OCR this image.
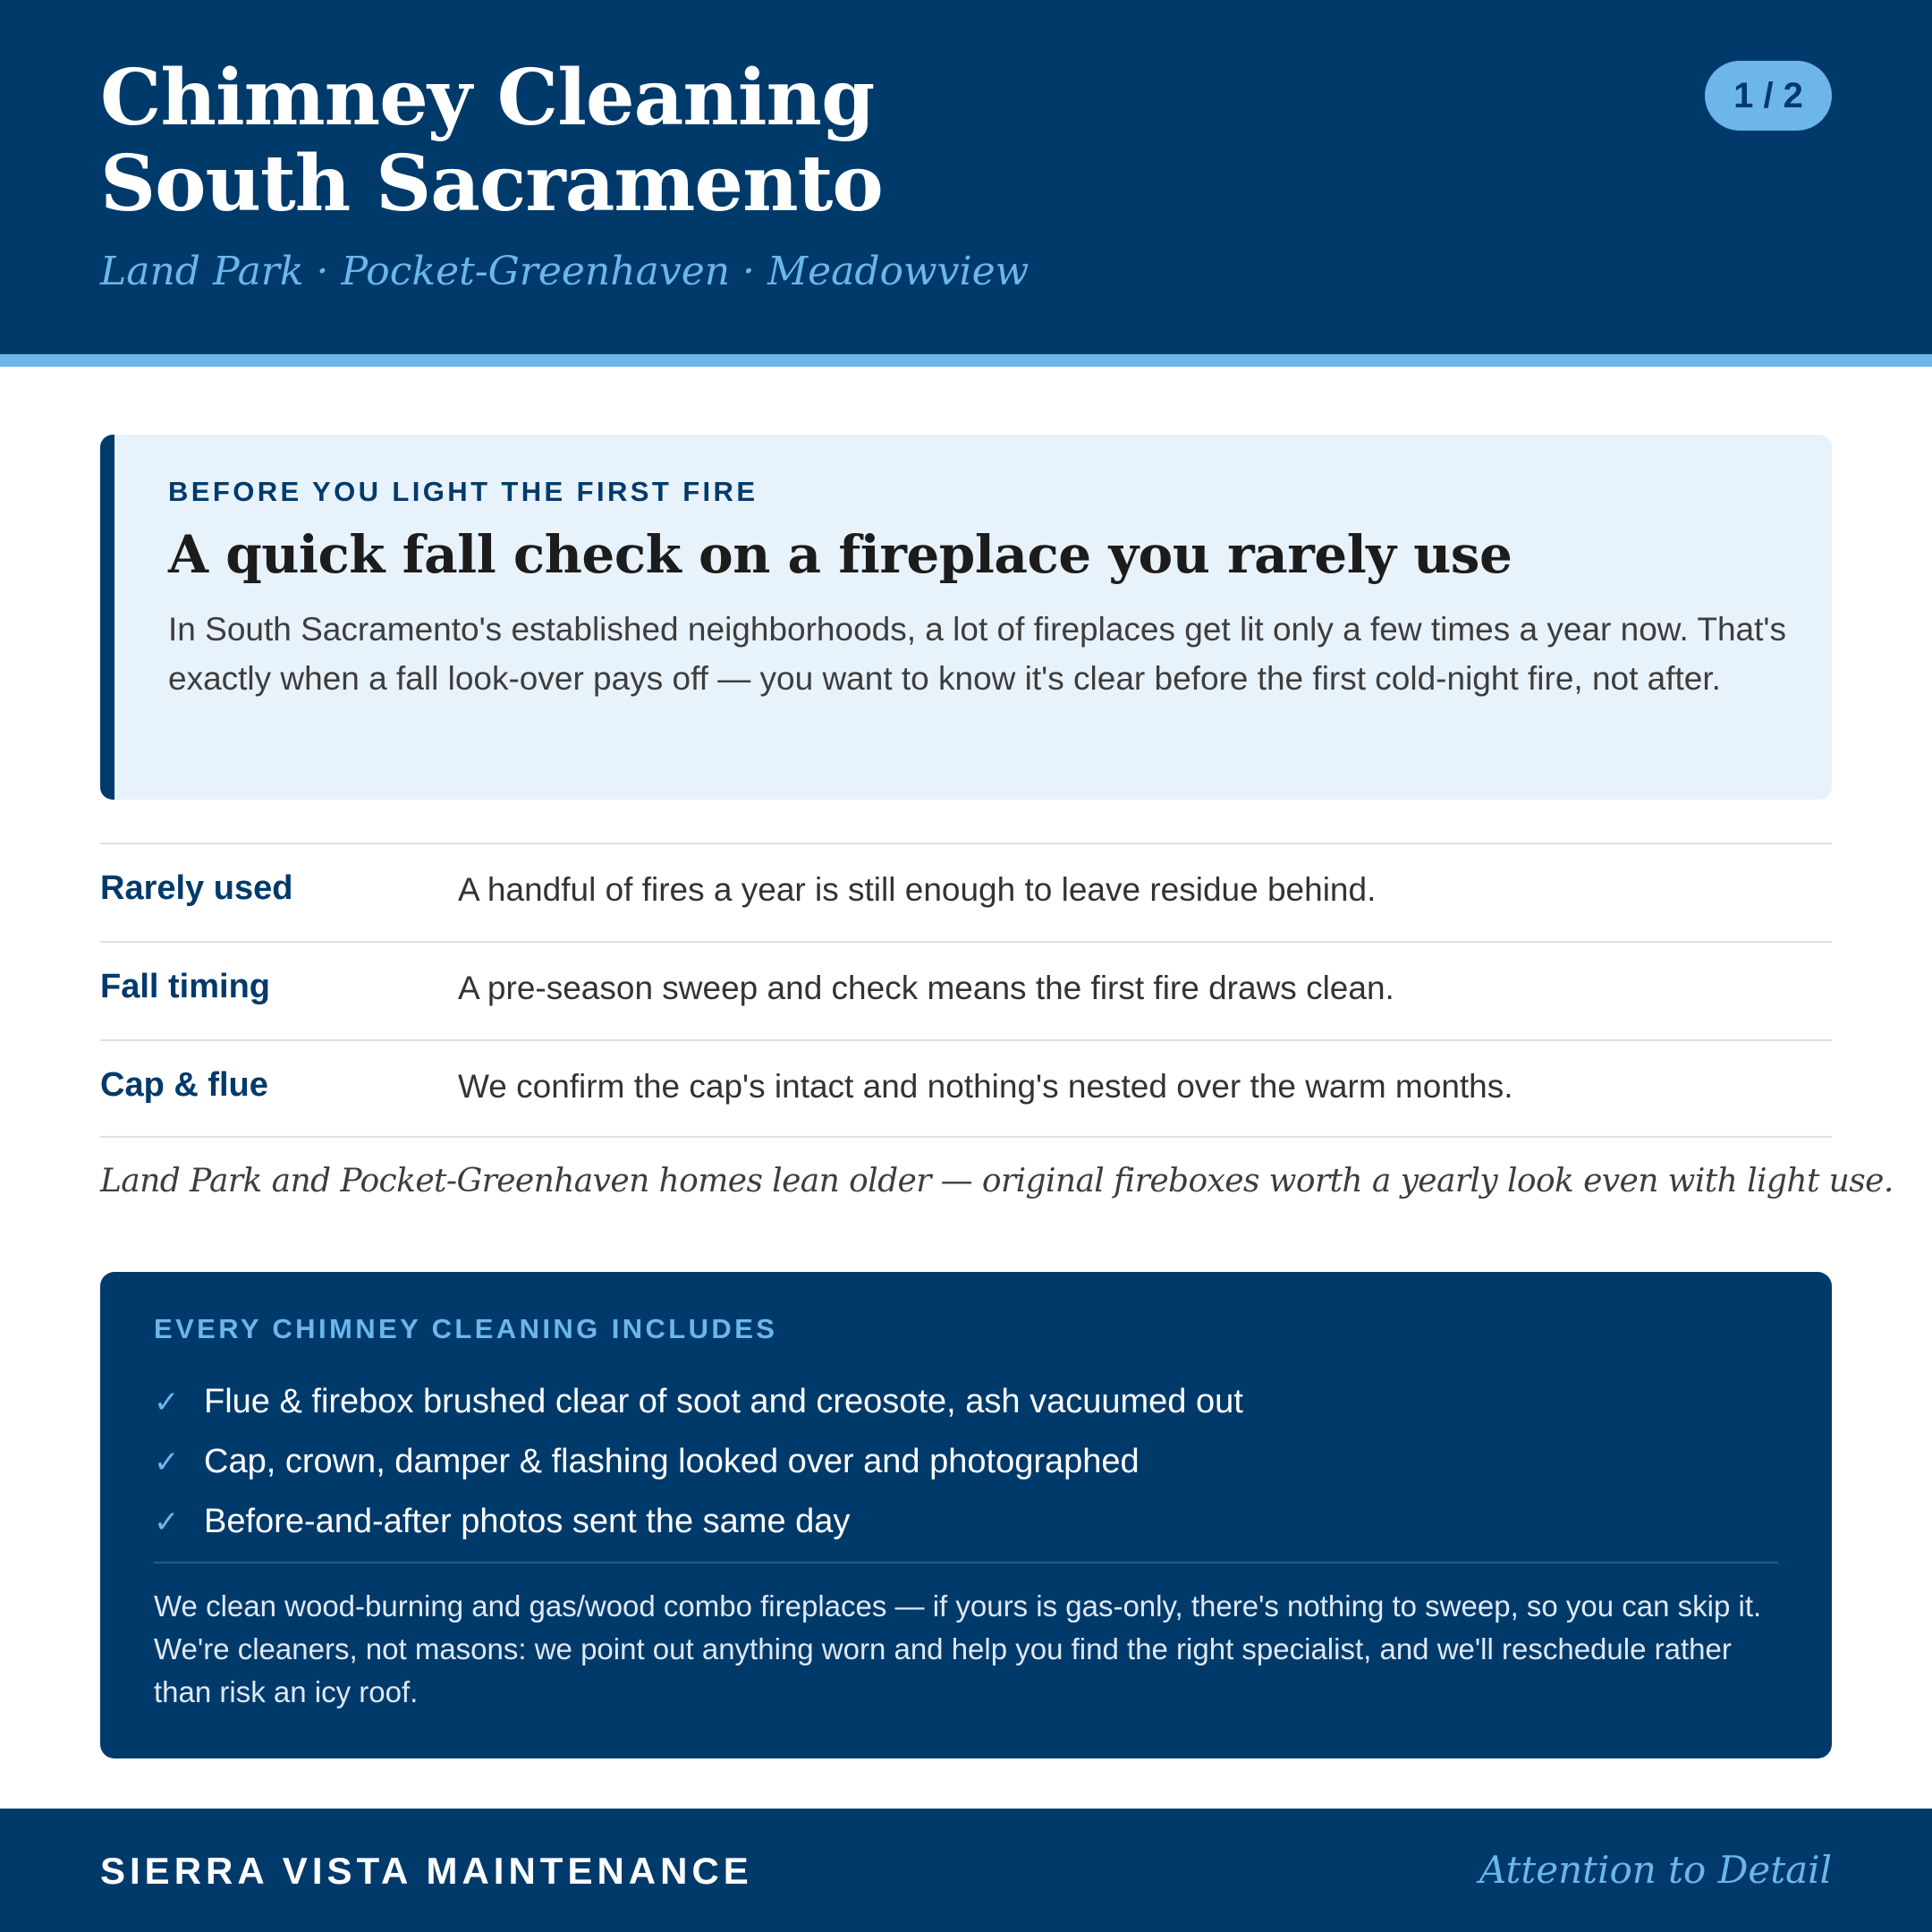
Chimney Cleaning
South Sacramento
Land Park · Pocket-Greenhaven · Meadowview
1 / 2
BEFORE YOU LIGHT THE FIRST FIRE
A quick fall check on a fireplace you rarely use

In South Sacramento's established neighborhoods, a lot of fireplaces get lit only a few times a year now. That's exactly when a fall look-over pays off — you want to know it's clear before the first cold-night fire, not after.

Rarely used	A handful of fires a year is still enough to leave residue behind.
Fall timing	A pre-season sweep and check means the first fire draws clean.
Cap & flue	We confirm the cap's intact and nothing's nested over the warm months.

Land Park and Pocket-Greenhaven homes lean older — original fireboxes worth a yearly look even with light use.

EVERY CHIMNEY CLEANING INCLUDES
✓ Flue & firebox brushed clear of soot and creosote, ash vacuumed out
✓ Cap, crown, damper & flashing looked over and photographed
✓ Before-and-after photos sent the same day

We clean wood-burning and gas/wood combo fireplaces — if yours is gas-only, there's nothing to sweep, so you can skip it. We're cleaners, not masons: we point out anything worn and help you find the right specialist, and we'll reschedule rather than risk an icy roof.

SIERRA VISTA MAINTENANCE	Attention to Detail
